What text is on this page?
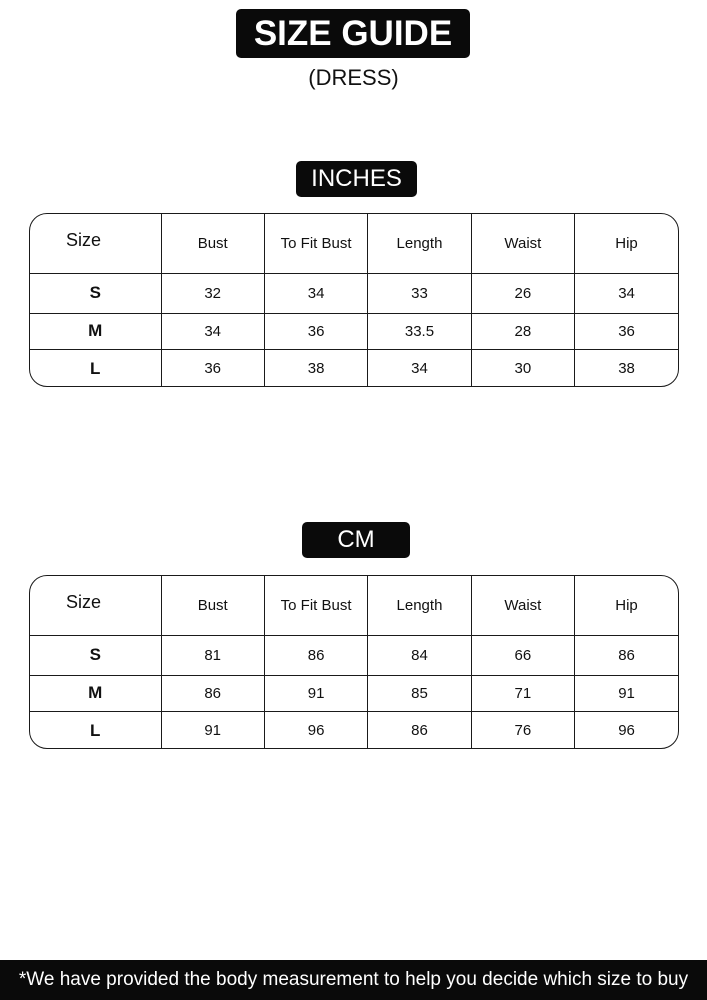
SIZE GUIDE
(DRESS)
INCHES
Size	Bust	To Fit Bust	Length	Waist	Hip
S	32	34	33	26	34
M	34	36	33.5	28	36
L	36	38	34	30	38
CM
Size	Bust	To Fit Bust	Length	Waist	Hip
S	81	86	84	66	86
M	86	91	85	71	91
L	91	96	86	76	96
*We have provided the body measurement to help you decide which size to buy
